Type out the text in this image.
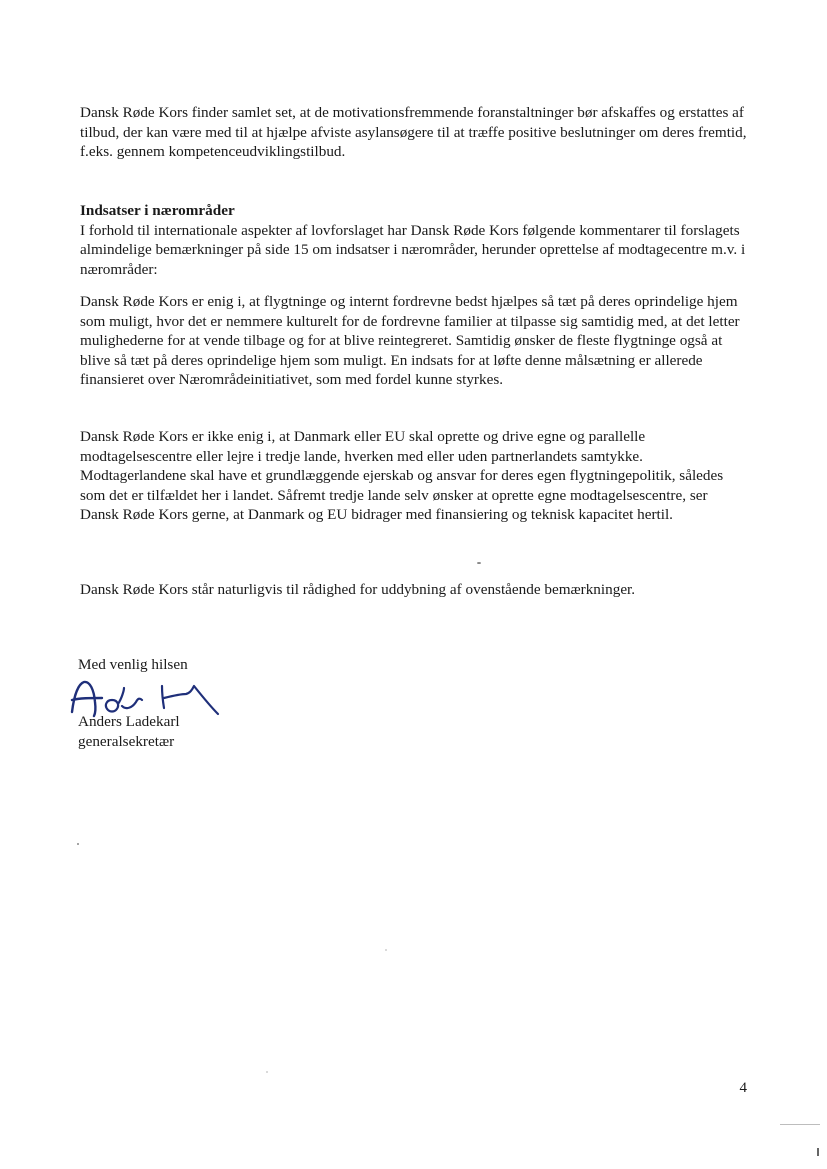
Dansk Røde Kors finder samlet set, at de motivationsfremmende foranstaltninger bør afskaffes og erstattes af tilbud, der kan være med til at hjælpe afviste asylansøgere til at træffe positive beslutninger om deres fremtid, f.eks. gennem kompetenceudviklingstilbud.

Indsatser i nærområder
I forhold til internationale aspekter af lovforslaget har Dansk Røde Kors følgende kommentarer til forslagets almindelige bemærkninger på side 15 om indsatser i nærområder, herunder oprettelse af modtagecentre m.v. i nærområder:

Dansk Røde Kors er enig i, at flygtninge og internt fordrevne bedst hjælpes så tæt på deres oprindelige hjem som muligt, hvor det er nemmere kulturelt for de fordrevne familier at tilpasse sig samtidig med, at det letter mulighederne for at vende tilbage og for at blive reintegreret. Samtidig ønsker de fleste flygtninge også at blive så tæt på deres oprindelige hjem som muligt. En indsats for at løfte denne målsætning er allerede finansieret over Nærområdeinitiativet, som med fordel kunne styrkes.

Dansk Røde Kors er ikke enig i, at Danmark eller EU skal oprette og drive egne og parallelle modtagelsescentre eller lejre i tredje lande, hverken med eller uden partnerlandets samtykke. Modtagerlandene skal have et grundlæggende ejerskab og ansvar for deres egen flygtningepolitik, således som det er tilfældet her i landet. Såfremt tredje lande selv ønsker at oprette egne modtagelsescentre, ser Dansk Røde Kors gerne, at Danmark og EU bidrager med finansiering og teknisk kapacitet hertil.

Dansk Røde Kors står naturligvis til rådighed for uddybning af ovenstående bemærkninger.

Med venlig hilsen

Anders Ladekarl

generalsekretær

4
